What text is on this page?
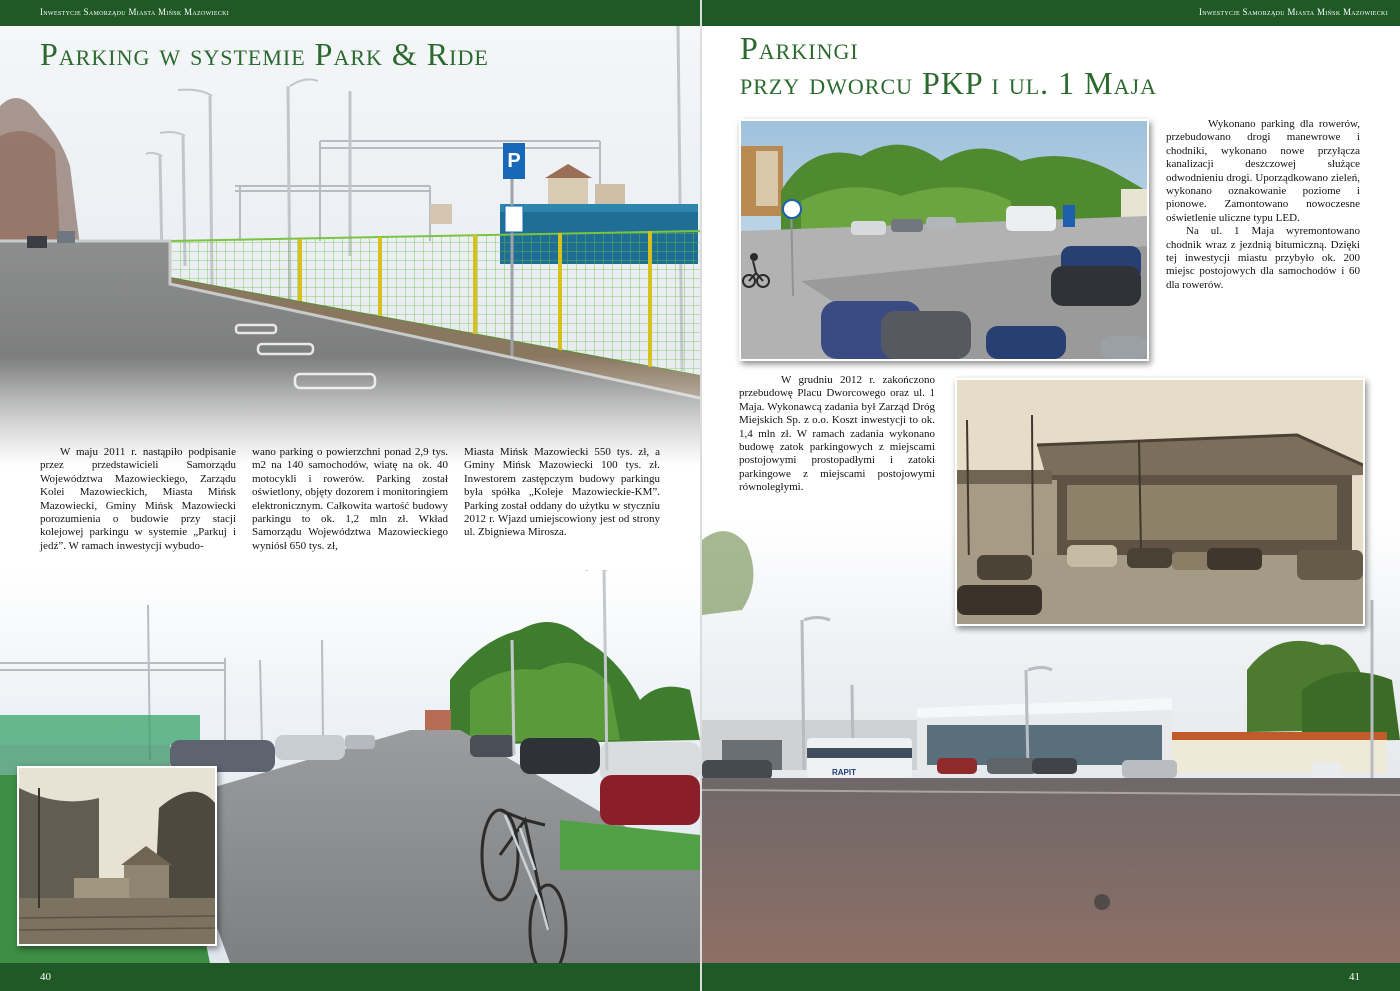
P
Parking w systemie Park & Ride

W maju 2011 r. nastąpiło podpisanie przez przedstawicieli Samorządu Województwa Mazowieckiego, Zarządu Kolei Mazowieckich, Miasta Mińsk Mazowiecki, Gminy Mińsk Mazowiecki porozumienia o budowie przy stacji kolejowej parkingu w systemie „Parkuj i jedź”. W ramach inwestycji wybudo-

wano parking o powierzchni ponad 2,9 tys. m2 na 140 samochodów, wiatę na ok. 40 motocykli i rowerów. Parking został oświetlony, objęty dozorem i monitoringiem elektronicznym. Całkowita wartość budowy parkingu to ok. 1,2 mln zł. Wkład Samorządu Województwa Mazowieckiego wyniósł 650 tys. zł,

Miasta Mińsk Mazowiecki 550 tys. zł, a Gminy Mińsk Mazowiecki 100 tys. zł. Inwestorem zastępczym budowy parkingu była spółka „Koleje Mazowieckie-KM”. Parking został oddany do użytku w styczniu 2012 r. Wjazd umiejscowiony jest od strony ul. Zbigniewa Mirosza.

Inwestycje Samorządu Miasta Mińsk Mazowiecki
40
RAPIT
Inwestycje Samorządu Miasta Mińsk Mazowiecki
Parkingi
przy dworcu PKP i ul. 1 Maja

Wykonano parking dla rowerów, przebudowano drogi manewrowe i chodniki, wykonano nowe przyłącza kanalizacji deszczowej służące odwodnieniu drogi. Uporządkowano zieleń, wykonano oznakowanie poziome i pionowe. Zamontowano nowoczesne oświetlenie uliczne typu LED.

Na ul. 1 Maja wyremontowano chodnik wraz z jezdnią bitumiczną. Dzięki tej inwestycji miastu przybyło ok. 200 miejsc postojowych dla samochodów i 60 dla rowerów.

W grudniu 2012 r. zakończono przebudowę Placu Dworcowego oraz ul. 1 Maja. Wykonawcą zadania był Zarząd Dróg Miejskich Sp. z o.o. Koszt inwestycji to ok. 1,4 mln zł. W ramach zadania wykonano budowę zatok parkingowych z miejscami postojowymi prostopadłymi i zatoki parkingowe z miejscami postojowymi równoległymi.

41
